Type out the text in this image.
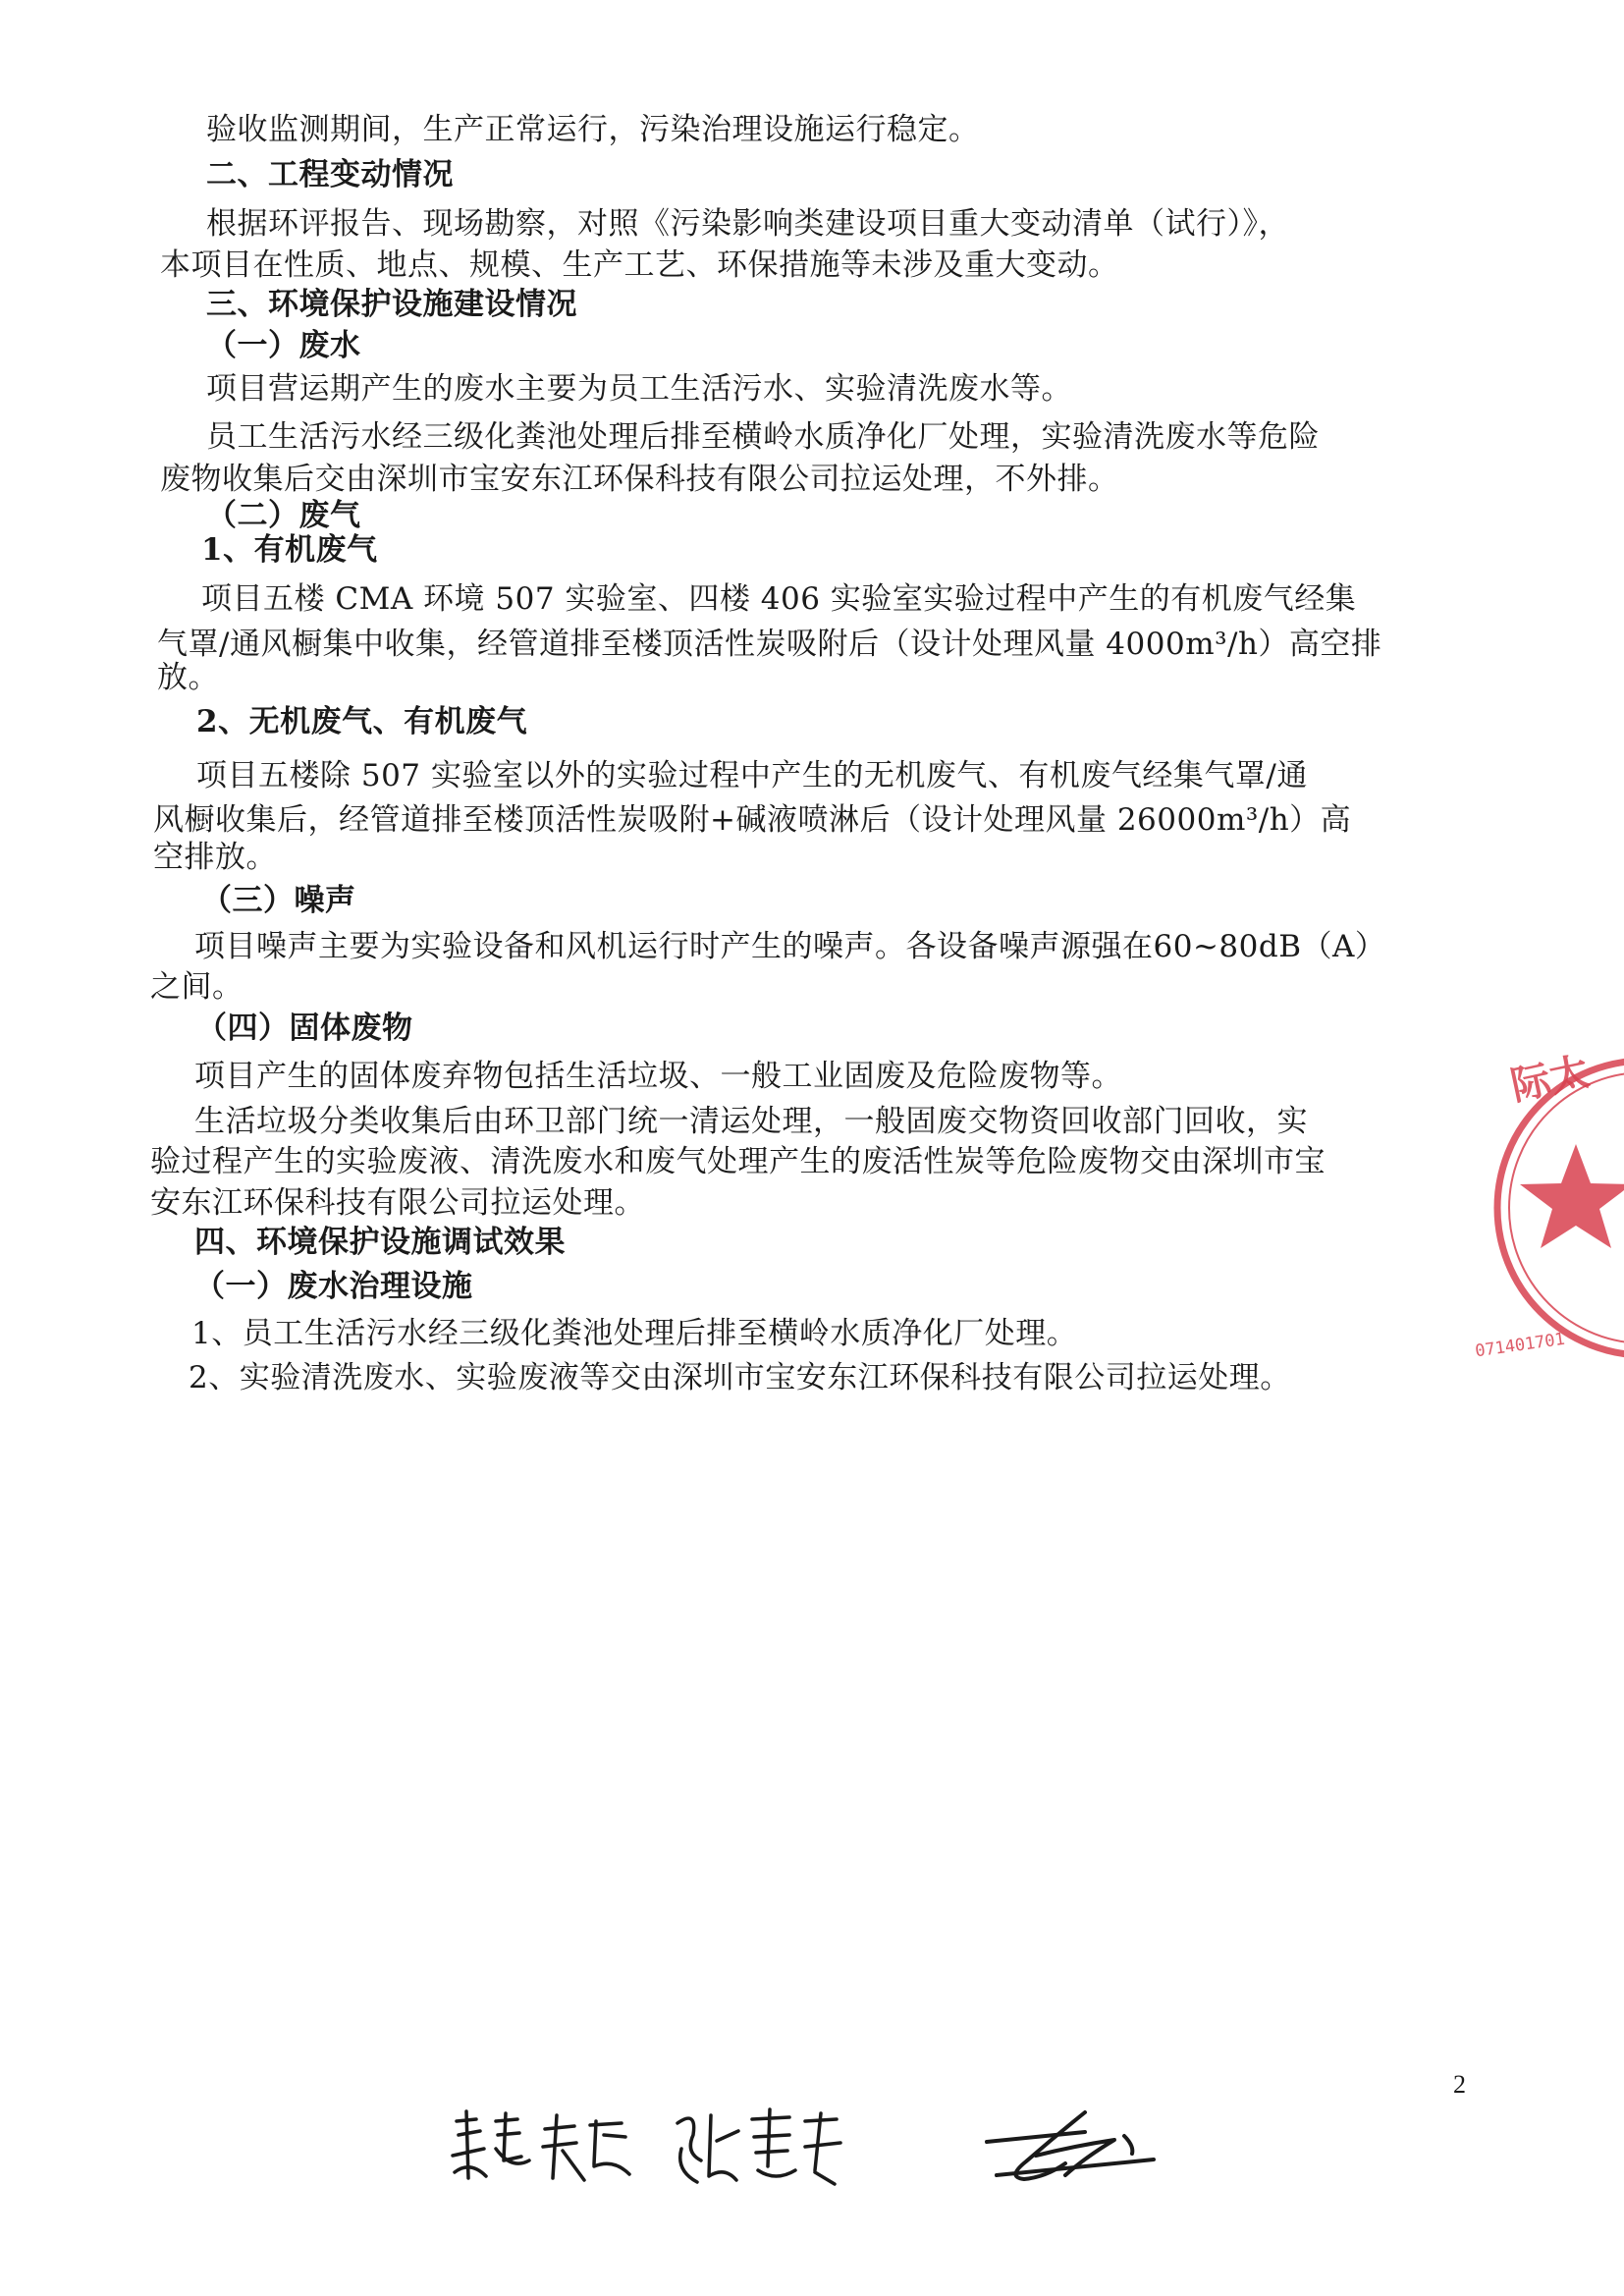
验收监测期间，生产正常运行，污染治理设施运行稳定。
二、工程变动情况
根据环评报告、现场勘察，对照《污染影响类建设项目重大变动清单（试行）》，
本项目在性质、地点、规模、生产工艺、环保措施等未涉及重大变动。
三、环境保护设施建设情况
（一）废水
项目营运期产生的废水主要为员工生活污水、实验清洗废水等。
员工生活污水经三级化粪池处理后排至横岭水质净化厂处理，实验清洗废水等危险
废物收集后交由深圳市宝安东江环保科技有限公司拉运处理，不外排。
（二）废气
1、有机废气
项目五楼 CMA 环境 507 实验室、四楼 406 实验室实验过程中产生的有机废气经集
气罩/通风橱集中收集，经管道排至楼顶活性炭吸附后（设计处理风量 4000m³/h）高空排
放。
2、无机废气、有机废气
项目五楼除 507 实验室以外的实验过程中产生的无机废气、有机废气经集气罩/通
风橱收集后，经管道排至楼顶活性炭吸附+碱液喷淋后（设计处理风量 26000m³/h）高
空排放。
（三）噪声
项目噪声主要为实验设备和风机运行时产生的噪声。各设备噪声源强在60~80dB（A）
之间。
（四）固体废物
项目产生的固体废弃物包括生活垃圾、一般工业固废及危险废物等。
生活垃圾分类收集后由环卫部门统一清运处理，一般固废交物资回收部门回收，实
验过程产生的实验废液、清洗废水和废气处理产生的废活性炭等危险废物交由深圳市宝
安东江环保科技有限公司拉运处理。
四、环境保护设施调试效果
（一）废水治理设施
1、员工生活污水经三级化粪池处理后排至横岭水质净化厂处理。
2、实验清洗废水、实验废液等交由深圳市宝安东江环保科技有限公司拉运处理。
际太
071401701
2
